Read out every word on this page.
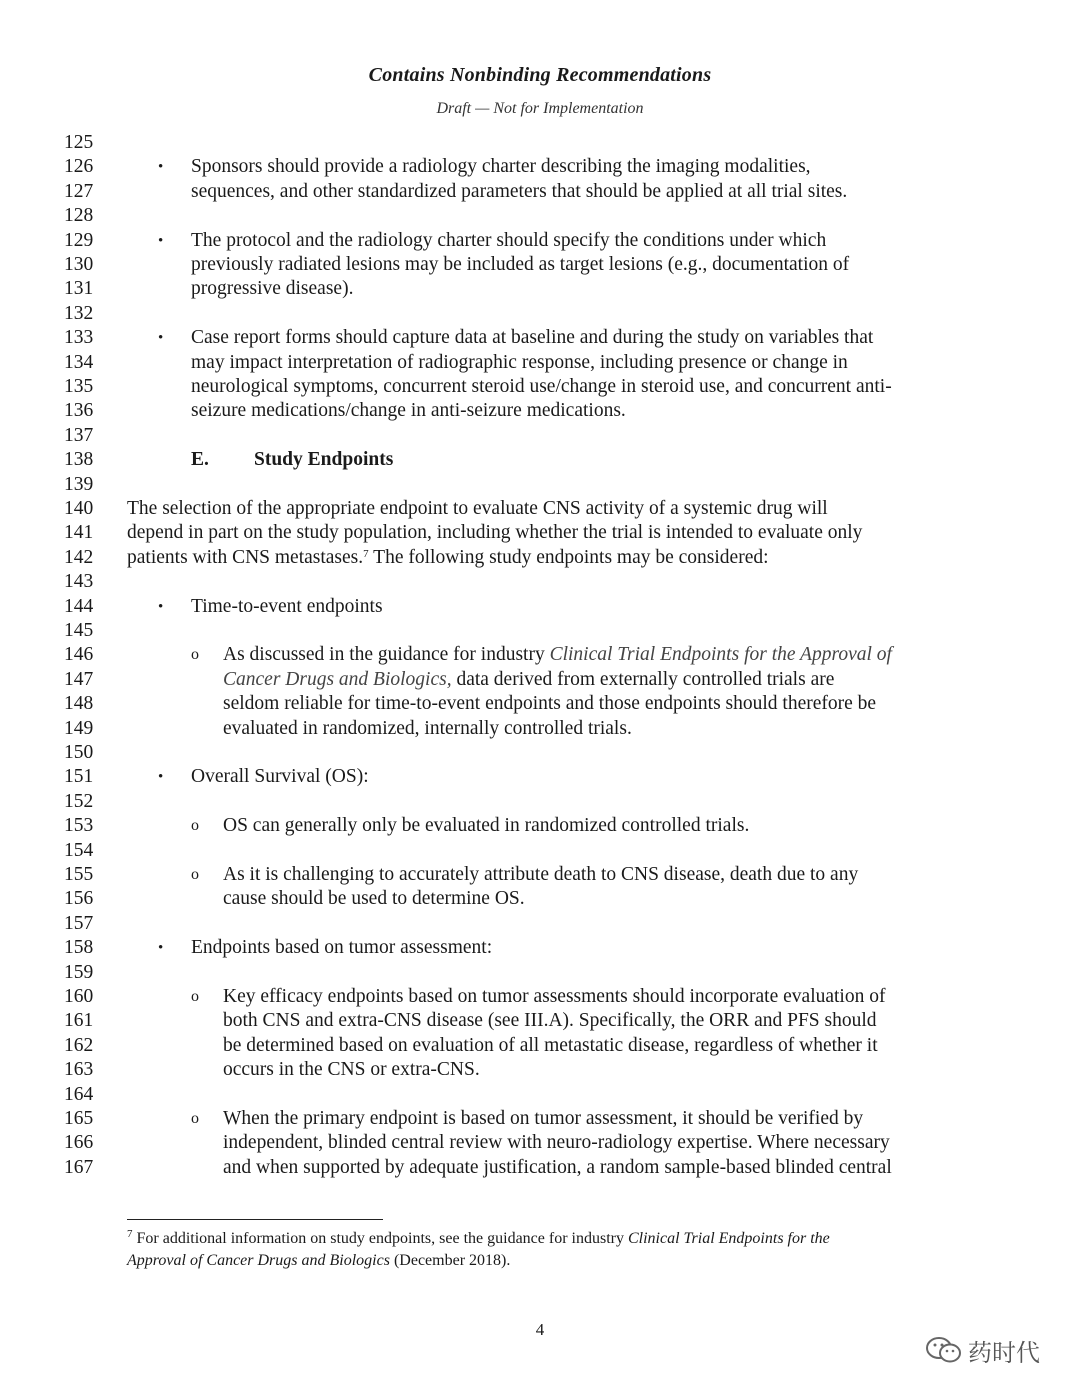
Contains Nonbinding Recommendations
Draft — Not for Implementation
125
126	• Sponsors should provide a radiology charter describing the imaging modalities,
127	sequences, and other standardized parameters that should be applied at all trial sites.
128
129	• The protocol and the radiology charter should specify the conditions under which
130	previously radiated lesions may be included as target lesions (e.g., documentation of
131	progressive disease).
132
133	• Case report forms should capture data at baseline and during the study on variables that
134	may impact interpretation of radiographic response, including presence or change in
135	neurological symptoms, concurrent steroid use/change in steroid use, and concurrent anti-
136	seizure medications/change in anti-seizure medications.
137
138	E. Study Endpoints
139
140	The selection of the appropriate endpoint to evaluate CNS activity of a systemic drug will
141	depend in part on the study population, including whether the trial is intended to evaluate only
142	patients with CNS metastases.$^7$ The following study endpoints may be considered:
143
144	• Time-to-event endpoints
145
146	o As discussed in the guidance for industry Clinical Trial Endpoints for the Approval of
147	Cancer Drugs and Biologics, data derived from externally controlled trials are
148	seldom reliable for time-to-event endpoints and those endpoints should therefore be
149	evaluated in randomized, internally controlled trials.
150
151	• Overall Survival (OS):
152
153	o OS can generally only be evaluated in randomized controlled trials.
154
155	o As it is challenging to accurately attribute death to CNS disease, death due to any
156	cause should be used to determine OS.
157
158	• Endpoints based on tumor assessment:
159
160	o Key efficacy endpoints based on tumor assessments should incorporate evaluation of
161	both CNS and extra-CNS disease (see III.A). Specifically, the ORR and PFS should
162	be determined based on evaluation of all metastatic disease, regardless of whether it
163	occurs in the CNS or extra-CNS.
164
165	o When the primary endpoint is based on tumor assessment, it should be verified by
166	independent, blinded central review with neuro-radiology expertise. Where necessary
167	and when supported by adequate justification, a random sample-based blinded central
$^7$ For additional information on study endpoints, see the guidance for industry Clinical Trial Endpoints for the
Approval of Cancer Drugs and Biologics (December 2018).
4
药时代
